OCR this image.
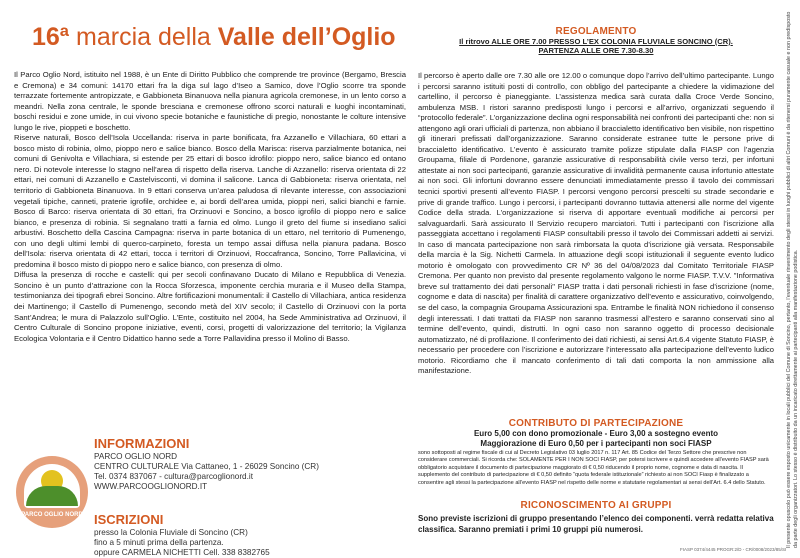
16ª marcia della Valle dell’Oglio

Il Parco Oglio Nord, istituito nel 1988, è un Ente di Diritto Pubblico che comprende tre province (Bergamo, Brescia e Cremona) e 34 comuni: 14170 ettari fra la diga sul lago d’Iseo a Samico, dove l’Oglio scorre tra sponde terrazzate fortemente antropizzate, e Gabbioneta Binanuova nella pianura agricola cremonese, in un lento corso a meandri. Nella zona centrale, le sponde bresciana e cremonese offrono scorci naturali e luoghi incontaminati, boschi residui e zone umide, in cui vivono specie botaniche e faunistiche di pregio, nonostante le colture intensive lungo le rive, pioppeti e boschetto.

Riserve naturali, Bosco dell’Isola Uccellanda: riserva in parte bonificata, fra Azzanello e Villachiara, 60 ettari a bosco misto di robinia, olmo, pioppo nero e salice bianco. Bosco della Marisca: riserva parzialmente botanica, nei comuni di Genivolta e Villachiara, si estende per 25 ettari di bosco idrofilo: pioppo nero, salice bianco ed ontano nero. Di notevole interesse lo stagno nell’area di rispetto della riserva. Lanche di Azzanello: riserva orientata di 22 ettari, nei comuni di Azzanello e Castelvisconti, vi domina il salicone. Lanca di Gabbioneta: riserva orientata, nel territorio di Gabbioneta Binanuova. In 9 ettari conserva un’area paludosa di rilevante interesse, con associazioni vegetali tipiche, canneti, praterie igrofile, orchidee e, ai bordi dell’area umida, pioppi neri, salici bianchi e farnie. Bosco di Barco: riserva orientata di 30 ettari, fra Orzinuovi e Soncino, a bosco igrofilo di pioppo nero e salice bianco, e presenza di robinia. Si segnalano tratti a farnia ed olmo. Lungo il greto del fiume si insediano salici arbustivi. Boschetto della Cascina Campagna: riserva in parte botanica di un ettaro, nel territorio di Pumenengo, con uno degli ultimi lembi di querco-carpineto, foresta un tempo assai diffusa nella pianura padana. Bosco dell’Isola: riserva orientata di 42 ettari, tocca i territori di Orzinuovi, Roccafranca, Soncino, Torre Pallavicina, vi predomina il bosco misto di pioppo nero e salice bianco, con presenza di olmo.

Diffusa la presenza di rocche e castelli: qui per secoli confinavano Ducato di Milano e Repubblica di Venezia. Soncino è un punto d’attrazione con la Rocca Sforzesca, imponente cerchia muraria e il Museo della Stampa, testimonianza dei tipografi ebrei Soncino. Altre fortificazioni monumentali: il Castello di Villachiara, antica residenza dei Martinengo; il Castello di Pumenengo, secondo metà del XIV secolo; il Castello di Orzinuovi con la porta Sant’Andrea; le mura di Palazzolo sull’Oglio. L’Ente, costituito nel 2004, ha Sede Amministrativa ad Orzinuovi, il Centro Culturale di Soncino propone iniziative, eventi, corsi, progetti di valorizzazione del territorio; la Vigilanza Ecologica Volontaria e il Centro Didattico hanno sede a Torre Pallavidina presso il Molino di Basso.

REGOLAMENTO
Il ritrovo ALLE ORE 7.00 PRESSO L’EX COLONIA FLUVIALE SONCINO (CR).
PARTENZA ALLE ORE 7.30-8.30

Il percorso è aperto dalle ore 7.30 alle ore 12.00 o comunque dopo l’arrivo dell’ultimo partecipante. Lungo i percorsi saranno istituiti posti di controllo, con obbligo del partecipante a chiedere la vidimazione del cartellino, il percorso è pianeggiante. L’assistenza medica sarà curata dalla Croce Verde Soncino, ambulenza MSB. I ristori saranno predisposti lungo i percorsi e all’arrivo, organizzati seguendo il “protocollo federale”. L’organizzazione declina ogni responsabilità nei confronti dei partecipanti che: non si attengono agli orari ufficiali di partenza, non abbiano il braccialetto identificativo ben visibile, non rispettino gli itinerari prefissati dall’organizzazione. Saranno considerate estranee tutte le persone prive di braccialetto identificativo. L’evento è assicurato tramite polizze stipulate dalla FIASP con l’agenzia Groupama, filiale di Pordenone, garanzie assicurative di responsabilità civile verso terzi, per infortuni attestate ai non soci partecipanti, garanzie assicurative di invalidità permanente causa infortunio attestate ai non soci. Gli infortuni dovranno essere denunciati immediatamente presso il tavolo dei commissari tecnici sportivi presenti all’evento FIASP. I percorsi vengono percorsi prescelti su strade secondarie e prive di grande traffico. Lungo i percorsi, i partecipanti dovranno tuttavia attenersi alle norme del vigente Codice della strada. L’organizzazione si riserva di apportare eventuali modifiche ai percorsi per salvaguardarli. Sarà assicurato Il Servizio recupero marciatori. Tutti i partecipanti con l’iscrizione alla passeggiata accettano i regolamenti FIASP consultabili presso il tavolo dei Commissari addetti ai servizi. In caso di mancata partecipazione non sarà rimborsata la quota d’iscrizione già versata. Responsabile della marcia è la Sig. Nichetti Carmela. In attuazione degli scopi istituzionali il seguente evento ludico motorio è omologato con provvedimento CR Nº 36 del 04/08/2023 dal Comitato Territoriale FIASP Cremona. Per quanto non previsto dal presente regolamento valgono le norme FIASP. T.V.V. "Informativa breve sul trattamento dei dati personali" FIASP tratta i dati personali richiesti in fase d’iscrizione (nome, cognome e data di nascita) per finalità di carattere organizzativo dell’evento e assicurativo, coinvolgendo, se del caso, la compagnia Groupama Assicurazioni spa. Entrambe le finalità NON richiedono il consenso degli interessati. I dati trattati da FIASP non saranno trasmessi all’estero e saranno conservati sino al termine dell’evento, quindi, distrutti. In ogni caso non saranno oggetto di processo decisionale automatizzato, né di profilazione. Il conferimento dei dati richiesti, ai sensi Art.6.4 vigente Statuto FIASP, è necessario per procedere con l’iscrizione e autorizzare l’interessato alla partecipazione dell’evento ludico motorio. Ricordiamo che il mancato conferimento di tali dati comporta la non ammissione alla manifestazione.

CONTRIBUTO DI PARTECIPAZIONE
Euro 5,00 con dono promozionale - Euro 3,00 a sostegno evento
Maggiorazione di Euro 0,50 per i partecipanti non soci FIASP
sono sottoposti al regime fiscale di cui al Decreto Legislativo 03 luglio 2017 n. 117 Art. 85 Codice del Terzo Settore che prescrive non considerare commerciali. Si ricorda che: SOLAMENTE PER I NON SOCI FIASP, per potersi iscrivere e quindi accedere all’evento FIASP sarà obbligatorio acquistare il documento di partecipazione maggiorato di € 0,50 riducendo il proprio nome, cognome e data di nascita. Il supplemento del contributo di partecipazione di € 0,50 definito “quota federale istituzionale” richiesto ai non SOCI Fiasp è finalizzato a consentire agli stessi la partecipazione all’evento FIASP nel rispetto delle norme e statutarie regolamentari ai sensi dell’Art. 6.4 dello Statuto.
RICONOSCIMENTO AI GRUPPI
Sono previste iscrizioni di gruppo presentando l’elenco dei componenti. verrà redatta relativa classifica. Saranno premiati i primi 10 gruppi più numerosi.
PARCO OGLIO NORD
INFORMAZIONI
PARCO OGLIO NORD
CENTRO CULTURALE Via Cattaneo, 1 - 26029 Soncino (CR)
Tel. 0374 837067 - cultura@parcoglionord.it
WWW.PARCOOGLIONORD.IT
ISCRIZIONI
presso la Colonia Fluviale di Soncino (CR)
fino a 5 minuti prima della partenza.
oppure CARMELA NICHETTI Cell. 338 8382765
Il presente opuscolo può essere esposto unicamente in locali pubblici del Comune di Soncino, pertanto, l’eventuale rinvenimento degli stessi in luoghi pubblici di altri Comuni è da ritenersi puramente casuale e non predisposto da parte degli organizzatori. Lo stesso è distribuito da un incaricato direttamente ai partecipanti alla manifestazione podistica.
FIASP 0374/4445 PROGR:2/D - CR/0008/2023/85/SI
